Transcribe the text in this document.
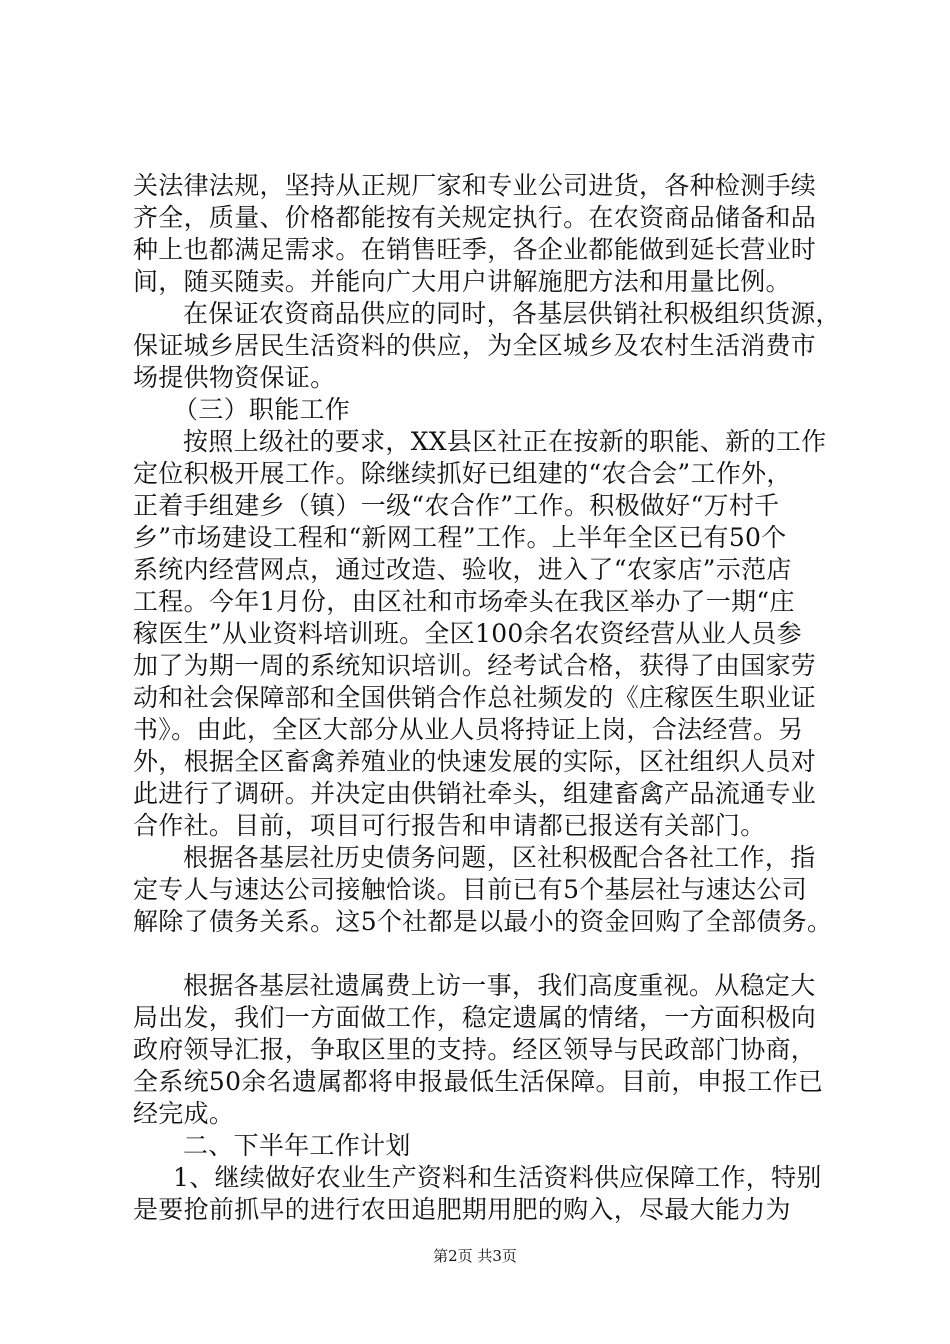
关法律法规，坚持从正规厂家和专业公司进货，各种检测手续
齐全，质量、价格都能按有关规定执行。在农资商品储备和品
种上也都满足需求。在销售旺季，各企业都能做到延长营业时
间，随买随卖。并能向广大用户讲解施肥方法和用量比例。
在保证农资商品供应的同时，各基层供销社积极组织货源，
保证城乡居民生活资料的供应，为全区城乡及农村生活消费市
场提供物资保证。
（三）职能工作
按照上级社的要求，XX县区社正在按新的职能、新的工作
定位积极开展工作。除继续抓好已组建的“农合会”工作外，
正着手组建乡（镇）一级“农合作”工作。积极做好“万村千
乡”市场建设工程和“新网工程”工作。上半年全区已有50个
系统内经营网点，通过改造、验收，进入了“农家店”示范店
工程。今年1月份，由区社和市场牵头在我区举办了一期“庄
稼医生”从业资料培训班。全区100余名农资经营从业人员参
加了为期一周的系统知识培训。经考试合格，获得了由国家劳
动和社会保障部和全国供销合作总社频发的《庄稼医生职业证
书》。由此，全区大部分从业人员将持证上岗，合法经营。另
外，根据全区畜禽养殖业的快速发展的实际，区社组织人员对
此进行了调研。并决定由供销社牵头，组建畜禽产品流通专业
合作社。目前，项目可行报告和申请都已报送有关部门。
根据各基层社历史债务问题，区社积极配合各社工作，指
定专人与速达公司接触恰谈。目前已有5个基层社与速达公司
解除了债务关系。这5个社都是以最小的资金回购了全部债务。
根据各基层社遗属费上访一事，我们高度重视。从稳定大
局出发，我们一方面做工作，稳定遗属的情绪，一方面积极向
政府领导汇报，争取区里的支持。经区领导与民政部门协商，
全系统50余名遗属都将申报最低生活保障。目前，申报工作已
经完成。
二、下半年工作计划
1、继续做好农业生产资料和生活资料供应保障工作，特别
是要抢前抓早的进行农田追肥期用肥的购入，尽最大能力为
第2页 共3页
